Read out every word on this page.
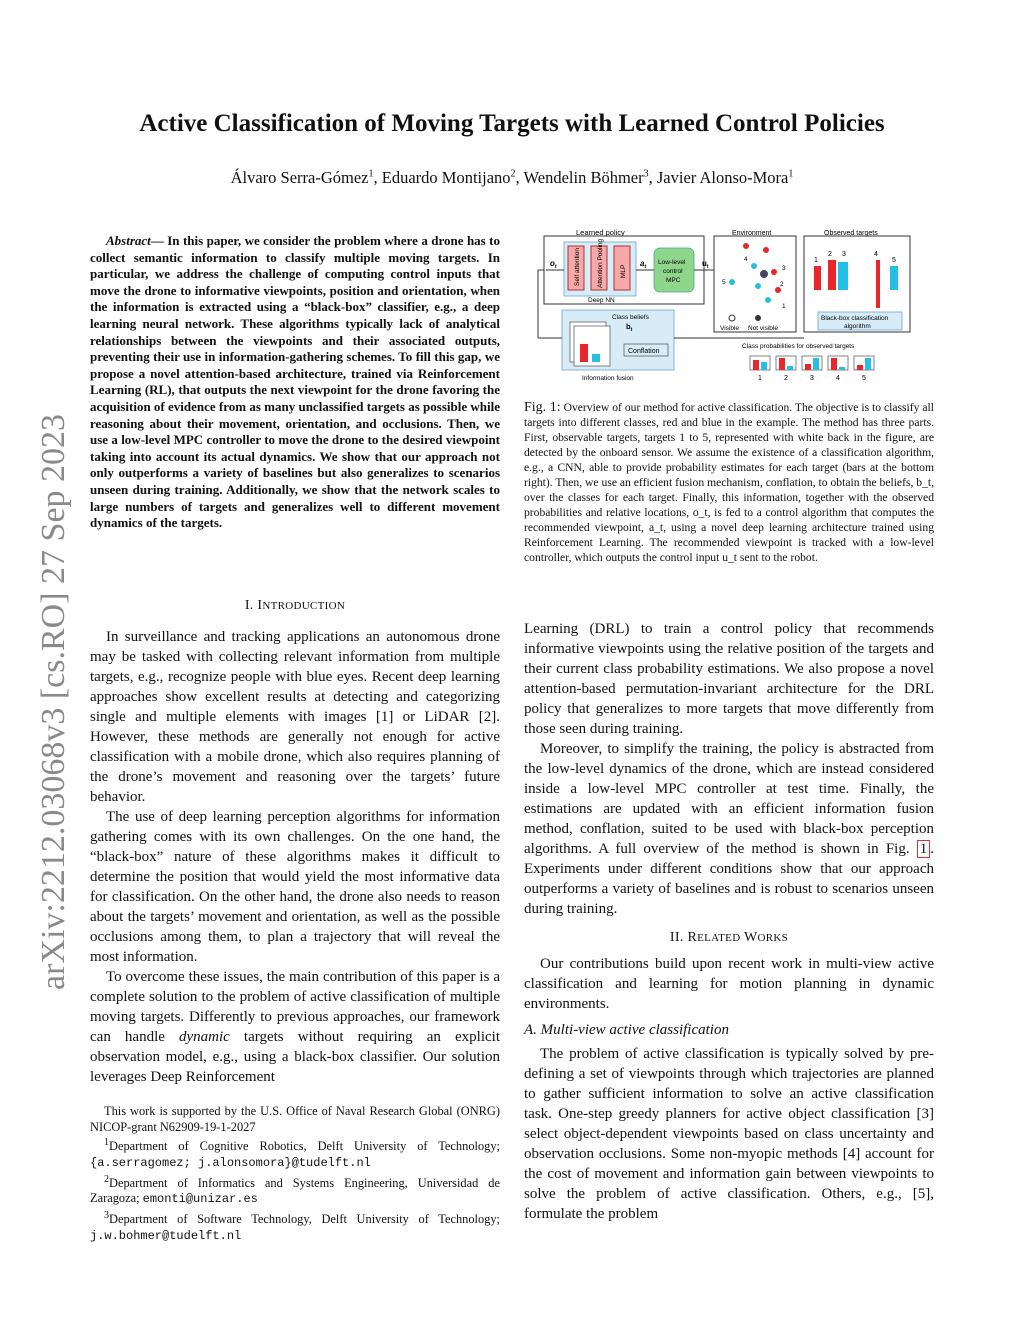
arXiv:2212.03068v3 [cs.RO] 27 Sep 2023
Active Classification of Moving Targets with Learned Control Policies
Álvaro Serra-Gómez$^1$, Eduardo Montijano$^2$, Wendelin Böhmer$^3$, Javier Alonso-Mora$^1$
Abstract— In this paper, we consider the problem where a drone has to collect semantic information to classify multiple moving targets. In particular, we address the challenge of computing control inputs that move the drone to informative viewpoints, position and orientation, when the information is extracted using a “black-box” classifier, e.g., a deep learning neural network. These algorithms typically lack of analytical relationships between the viewpoints and their associated outputs, preventing their use in information-gathering schemes. To fill this gap, we propose a novel attention-based architecture, trained via Reinforcement Learning (RL), that outputs the next viewpoint for the drone favoring the acquisition of evidence from as many unclassified targets as possible while reasoning about their movement, orientation, and occlusions. Then, we use a low-level MPC controller to move the drone to the desired viewpoint taking into account its actual dynamics. We show that our approach not only outperforms a variety of baselines but also generalizes to scenarios unseen during training. Additionally, we show that the network scales to large numbers of targets and generalizes well to different movement dynamics of the targets.
I. INTRODUCTION

In surveillance and tracking applications an autonomous drone may be tasked with collecting relevant information from multiple targets, e.g., recognize people with blue eyes. Recent deep learning approaches show excellent results at detecting and categorizing single and multiple elements with images [1] or LiDAR [2]. However, these methods are generally not enough for active classification with a mobile drone, which also requires planning of the drone’s movement and reasoning over the targets’ future behavior.

The use of deep learning perception algorithms for information gathering comes with its own challenges. On the one hand, the “black-box” nature of these algorithms makes it difficult to determine the position that would yield the most informative data for classification. On the other hand, the drone also needs to reason about the targets’ movement and orientation, as well as the possible occlusions among them, to plan a trajectory that will reveal the most information.

To overcome these issues, the main contribution of this paper is a complete solution to the problem of active classification of multiple moving targets. Differently to previous approaches, our framework can handle dynamic targets without requiring an explicit observation model, e.g., using a black-box classifier. Our solution leverages Deep Reinforcement

This work is supported by the U.S. Office of Naval Research Global (ONRG) NICOP-grant N62909-19-1-2027

$^1$Department of Cognitive Robotics, Delft University of Technology; {a.serragomez; j.alonsomora}@tudelft.nl

$^2$Department of Informatics and Systems Engineering, Universidad de Zaragoza; emonti@unizar.es

$^3$Department of Software Technology, Delft University of Technology; j.w.bohmer@tudelft.nl

Learned policy
Self attention Attention Pooling MLP
Deep NN
$o_t$	$a_t$
Low-level
control
MPC
$u_t$
Environment
4
3
5	2
1
Visible Not visible
Observed targets
1
2 3	4
5
Black-box classification
algorithm
Class beliefs
$b_t$
Conflation
Information fusion
Class probabilities for observed targets
1	2	3	4	5
Fig. 1: Overview of our method for active classification. The objective is to classify all targets into different classes, red and blue in the example. The method has three parts. First, observable targets, targets 1 to 5, represented with white back in the figure, are detected by the onboard sensor. We assume the existence of a classification algorithm, e.g., a CNN, able to provide probability estimates for each target (bars at the bottom right). Then, we use an efficient fusion mechanism, conflation, to obtain the beliefs, b_t, over the classes for each target. Finally, this information, together with the observed probabilities and relative locations, o_t, is fed to a control algorithm that computes the recommended viewpoint, a_t, using a novel deep learning architecture trained using Reinforcement Learning. The recommended viewpoint is tracked with a low-level controller, which outputs the control input u_t sent to the robot.

Learning (DRL) to train a control policy that recommends informative viewpoints using the relative position of the targets and their current class probability estimations. We also propose a novel attention-based permutation-invariant architecture for the DRL policy that generalizes to more targets that move differently from those seen during training.

Moreover, to simplify the training, the policy is abstracted from the low-level dynamics of the drone, which are instead considered inside a low-level MPC controller at test time. Finally, the estimations are updated with an efficient information fusion method, conflation, suited to be used with black-box perception algorithms. A full overview of the method is shown in Fig. 1 . Experiments under different conditions show that our approach outperforms a variety of baselines and is robust to scenarios unseen during training.

II. RELATED WORKS

Our contributions build upon recent work in multi-view active classification and learning for motion planning in dynamic environments.

A. Multi-view active classification

The problem of active classification is typically solved by pre-defining a set of viewpoints through which trajectories are planned to gather sufficient information to solve an active classification task. One-step greedy planners for active object classification [3] select object-dependent viewpoints based on class uncertainty and observation occlusions. Some non-myopic methods [4] account for the cost of movement and information gain between viewpoints to solve the problem of active classification. Others, e.g., [5], formulate the problem
